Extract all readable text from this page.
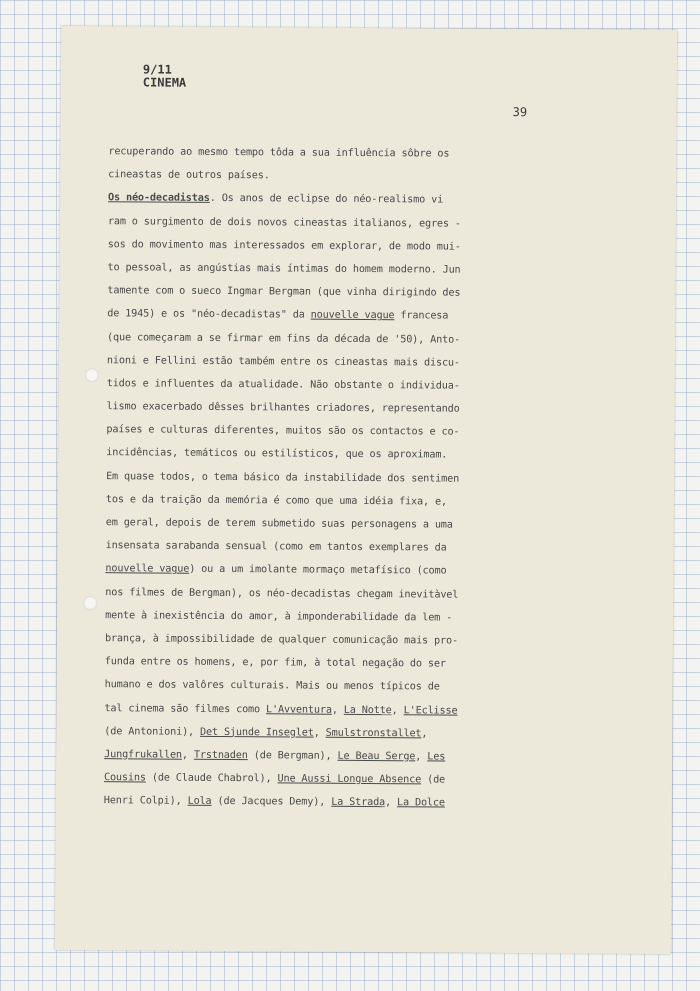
9/11
CINEMA
39
recuperando ao mesmo tempo tôda a sua influência sôbre os
cineastas de outros países.
Os néo-decadistas. Os anos de eclipse do néo-realismo vi
ram o surgimento de dois novos cineastas italianos, egres -
sos do movimento mas interessados em explorar, de modo mui-
to pessoal, as angústias mais íntimas do homem moderno. Jun
tamente com o sueco Ingmar Bergman (que vinha dirigindo des
de 1945) e os "néo-decadistas" da nouvelle vague francesa
(que começaram a se firmar em fins da década de '50), Anto-
nioni e Fellini estão também entre os cineastas mais discu-
tidos e influentes da atualidade. Não obstante o individua-
lismo exacerbado dêsses brilhantes criadores, representando
países e culturas diferentes, muitos são os contactos e co-
incidências, temáticos ou estilísticos, que os aproximam.
Em quase todos, o tema básico da instabilidade dos sentimen
tos e da traição da memória é como que uma idéia fixa, e,
em geral, depois de terem submetido suas personagens a uma
insensata sarabanda sensual (como em tantos exemplares da
nouvelle vague) ou a um imolante mormaço metafísico (como
nos filmes de Bergman), os néo-decadistas chegam inevitàvel
mente à inexistência do amor, à imponderabilidade da lem -
brança, à impossibilidade de qualquer comunicação mais pro-
funda entre os homens, e, por fim, à total negação do ser
humano e dos valôres culturais. Mais ou menos típicos de
tal cinema são filmes como L'Avventura, La Notte, L'Eclisse
(de Antonioni), Det Sjunde Inseglet, Smulstronstallet,
Jungfrukallen, Trstnaden (de Bergman), Le Beau Serge, Les
Cousins (de Claude Chabrol), Une Aussi Longue Absence (de
Henri Colpi), Lola (de Jacques Demy), La Strada, La Dolce
